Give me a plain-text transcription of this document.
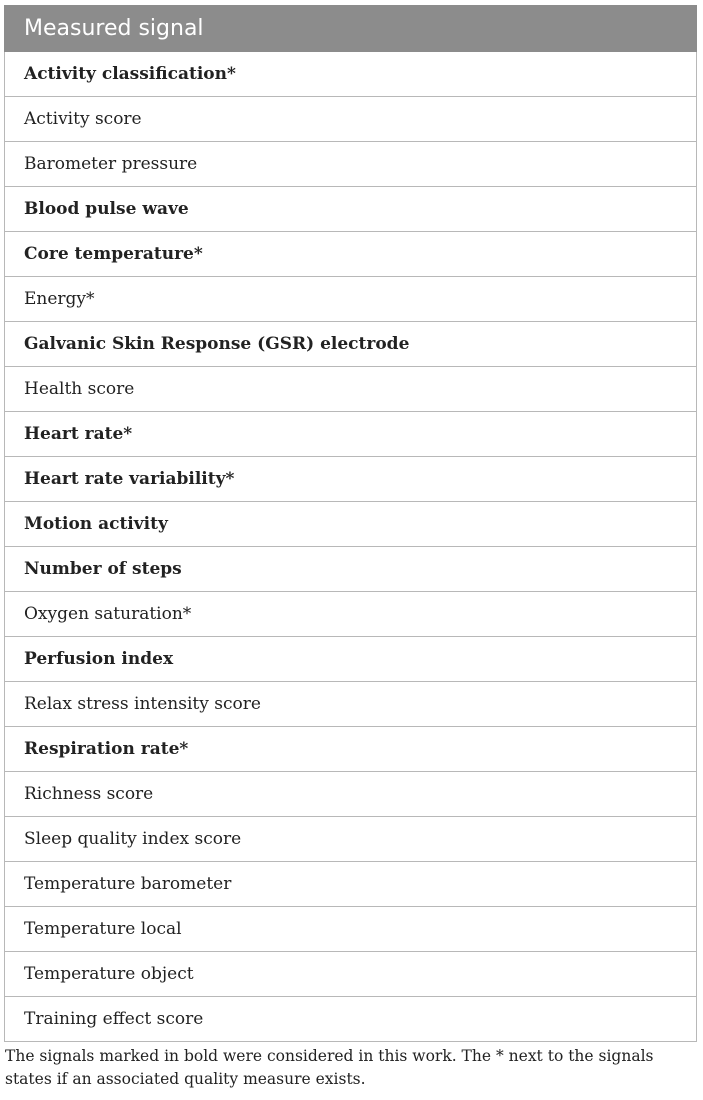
Measured signal
Activity classification*
Activity score
Barometer pressure
Blood pulse wave
Core temperature*
Energy*
Galvanic Skin Response (GSR) electrode
Health score
Heart rate*
Heart rate variability*
Motion activity
Number of steps
Oxygen saturation*
Perfusion index
Relax stress intensity score
Respiration rate*
Richness score
Sleep quality index score
Temperature barometer
Temperature local
Temperature object
Training effect score
The signals marked in bold were considered in this work. The * next to the signals states if an associated quality measure exists.
